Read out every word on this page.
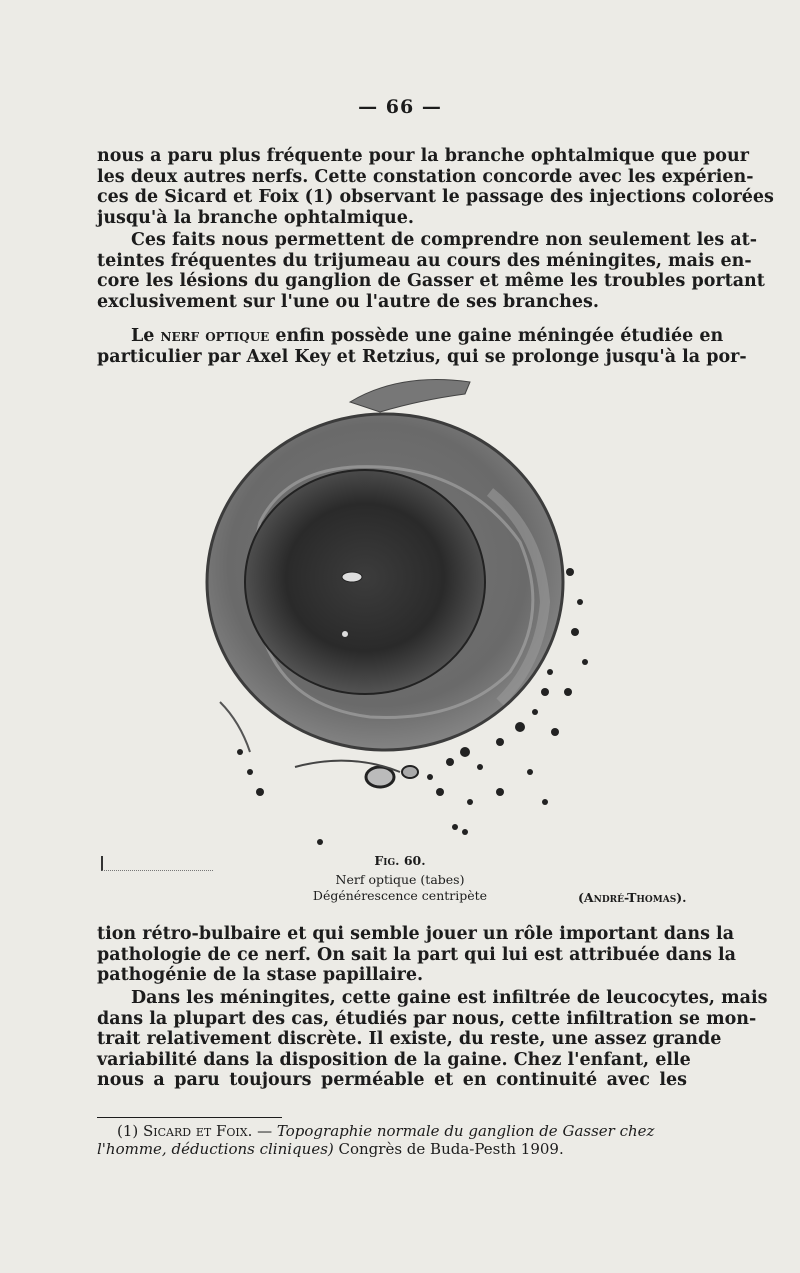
— 66 —

nous a paru plus fréquente pour la branche ophtalmique que pour
les deux autres nerfs. Cette constation concorde avec les expérien-
ces de Sicard et Foix (1) observant le passage des injections colorées
jusqu'à la branche ophtalmique.

Ces faits nous permettent de comprendre non seulement les at-
teintes fréquentes du trijumeau au cours des méningites, mais en-
core les lésions du ganglion de Gasser et même les troubles portant
exclusivement sur l'une ou l'autre de ses branches.

Le nerf optique enfin possède une gaine méningée étudiée en
particulier par Axel Key et Retzius, qui se prolonge jusqu'à la por-

Fig. 60.
Nerf optique (tabes)
Dégénérescence centripète	(André-Thomas).

tion rétro-bulbaire et qui semble jouer un rôle important dans la
pathologie de ce nerf. On sait la part qui lui est attribuée dans la
pathogénie de la stase papillaire.

Dans les méningites, cette gaine est infiltrée de leucocytes, mais
dans la plupart des cas, étudiés par nous, cette infiltration se mon-
trait relativement discrète. Il existe, du reste, une assez grande
variabilité dans la disposition de la gaine. Chez l'enfant, elle
nous a paru toujours perméable et en continuité avec les

(1) Sicard et Foix. — Topographie normale du ganglion de Gasser chez
l'homme, déductions cliniques) Congrès de Buda-Pesth 1909.
